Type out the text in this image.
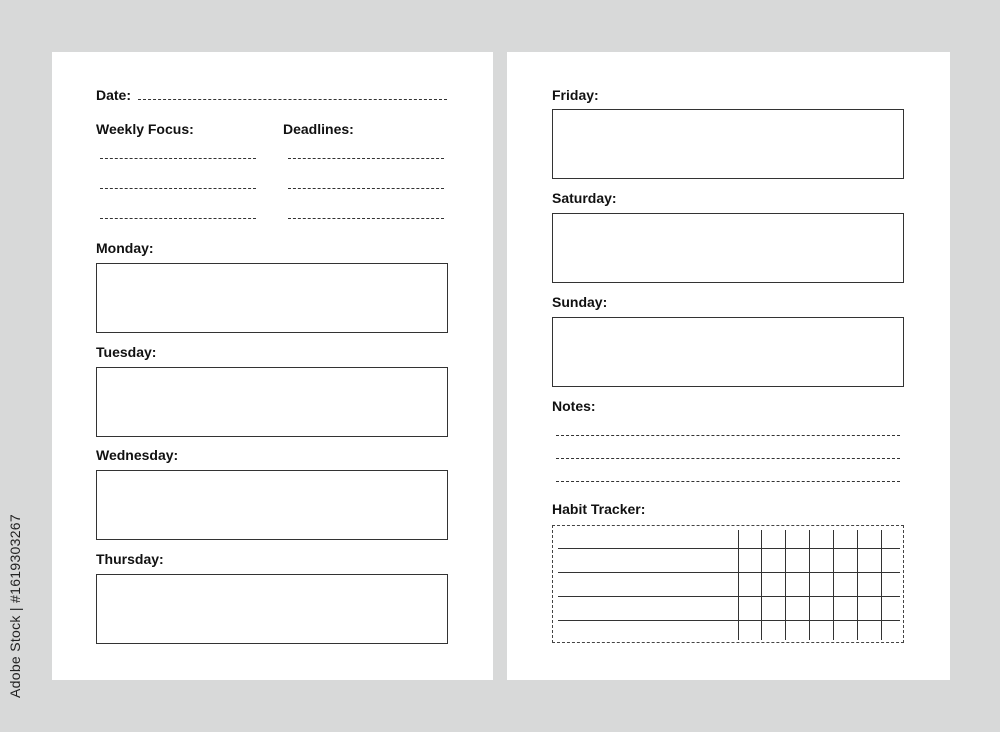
Adobe Stock | #1619303267
Date:
Weekly Focus:	Deadlines:
Monday:
Tuesday:
Wednesday:
Thursday:
Friday:
Saturday:
Sunday:
Notes:
Habit Tracker:
